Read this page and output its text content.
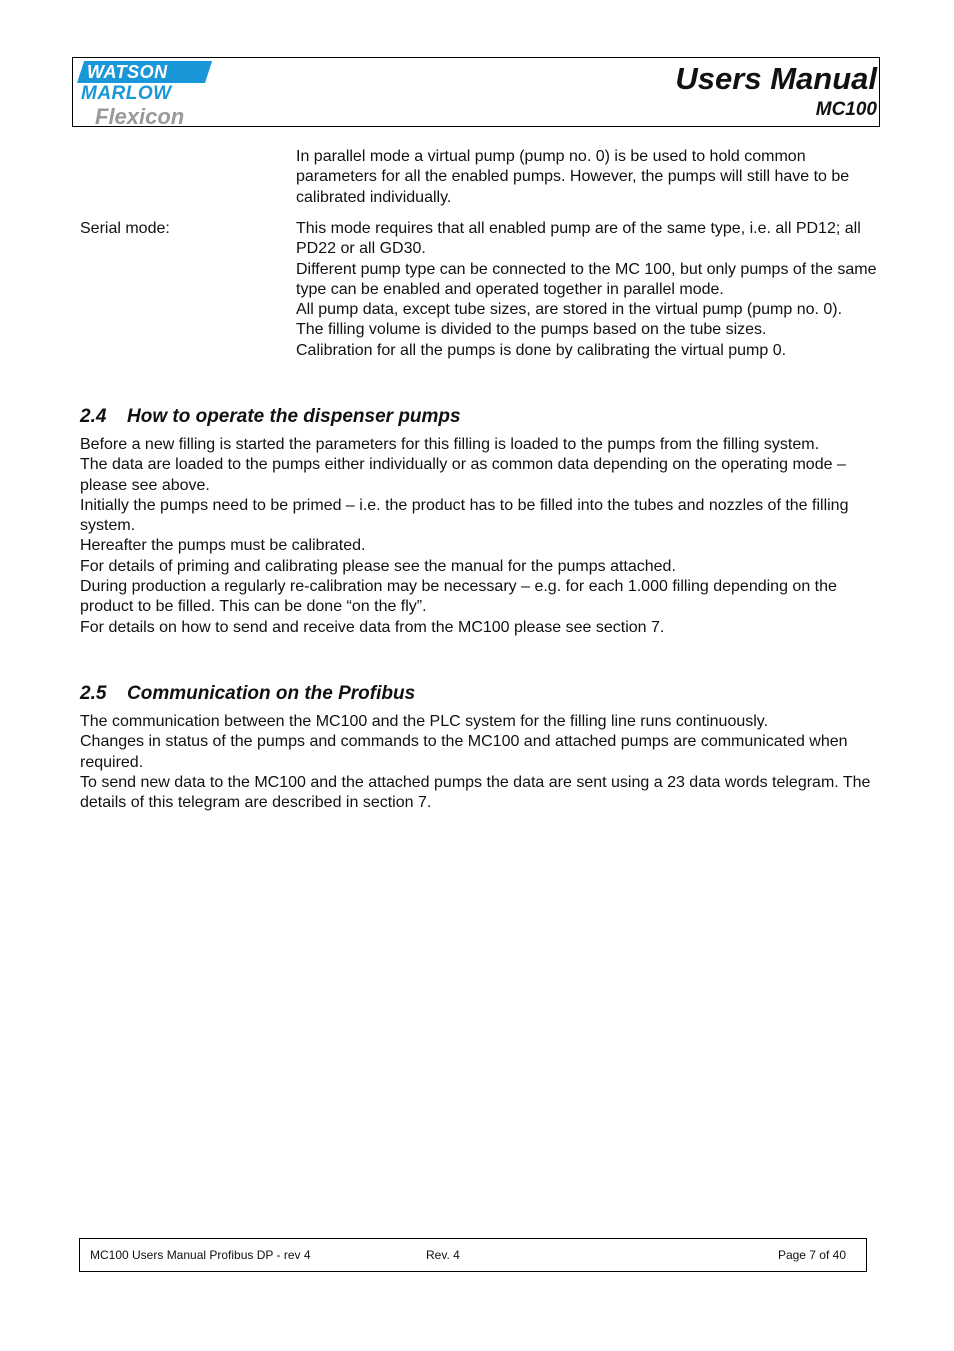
WATSON
MARLOW
Flexicon
Users Manual
MC100
In parallel mode a virtual pump (pump no. 0) is be used to hold common parameters for all the enabled pumps. However, the pumps will still have to be calibrated individually.
Serial mode:	This mode requires that all enabled pump are of the same type, i.e. all PD12; all PD22 or all GD30.
Different pump type can be connected to the MC 100, but only pumps of the same type can be enabled and operated together in parallel mode.
All pump data, except tube sizes, are stored in the virtual pump (pump no. 0).
The filling volume is divided to the pumps based on the tube sizes.
Calibration for all the pumps is done by calibrating the virtual pump 0.
2.4 How to operate the dispenser pumps
Before a new filling is started the parameters for this filling is loaded to the pumps from the filling system.
The data are loaded to the pumps either individually or as common data depending on the operating mode – please see above.
Initially the pumps need to be primed – i.e. the product has to be filled into the tubes and nozzles of the filling system.
Hereafter the pumps must be calibrated.
For details of priming and calibrating please see the manual for the pumps attached.
During production a regularly re-calibration may be necessary – e.g. for each 1.000 filling depending on the product to be filled. This can be done “on the fly”.
For details on how to send and receive data from the MC100 please see section 7.
2.5 Communication on the Profibus
The communication between the MC100 and the PLC system for the filling line runs continuously.
Changes in status of the pumps and commands to the MC100 and attached pumps are communicated when required.
To send new data to the MC100 and the attached pumps the data are sent using a 23 data words telegram. The details of this telegram are described in section 7.
MC100 Users Manual Profibus DP - rev 4	Rev. 4	Page 7 of 40
